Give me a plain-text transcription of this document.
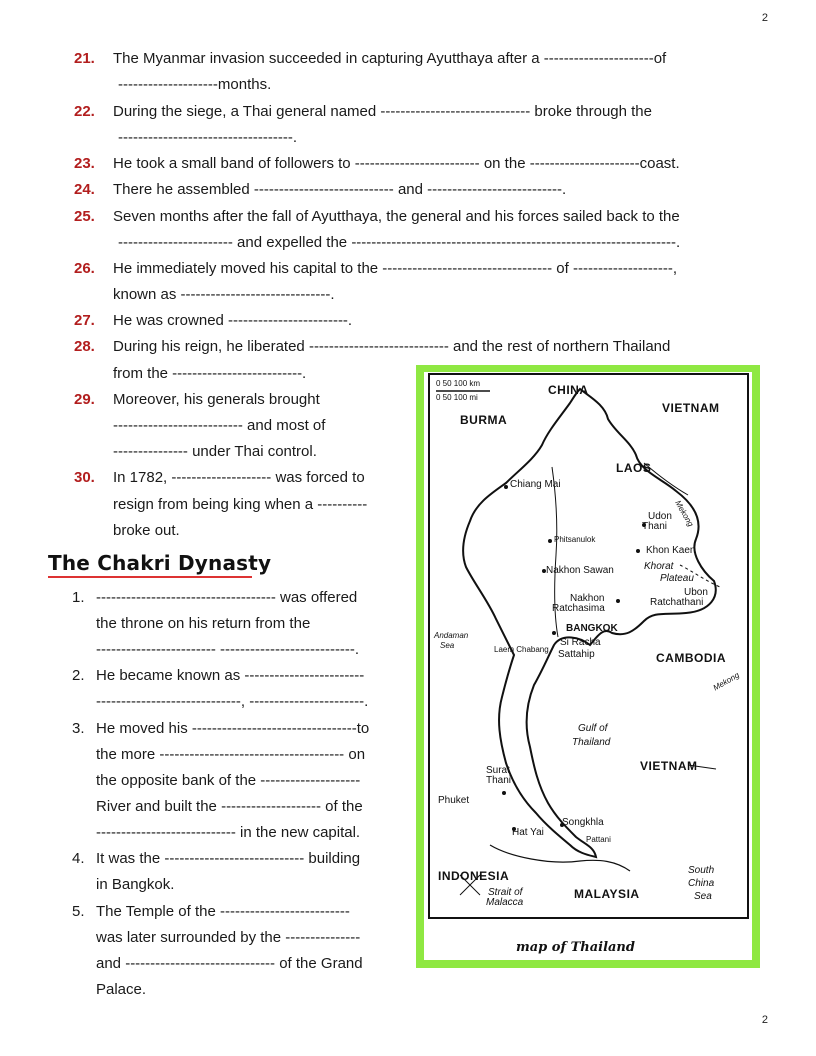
2
21.	The Myanmar invasion succeeded in capturing Ayutthaya after a ----------------------of
--------------------months.
22.	During the siege, a Thai general named ------------------------------ broke through the
-----------------------------------.
23.	He took a small band of followers to ------------------------- on the ----------------------coast.
24.	There he assembled ---------------------------- and ---------------------------.
25.	Seven months after the fall of Ayutthaya, the general and his forces sailed back to the
----------------------- and expelled the -----------------------------------------------------------------.
26.	He immediately moved his capital to the ---------------------------------- of --------------------,
known as ------------------------------.
27.	He was crowned ------------------------.
28.	During his reign, he liberated ---------------------------- and the rest of northern Thailand
from the --------------------------.
29.	Moreover, his generals brought
-------------------------- and most of
--------------- under Thai control.
30.	In 1782, -------------------- was forced to
resign from being king when a ----------
broke out.
The Chakri Dynasty
1. ------------------------------------ was offered
the throne on his return from the
------------------------ ---------------------------.
2. He became known as ------------------------
-----------------------------, -----------------------.
3. He moved his ---------------------------------to
the more ------------------------------------- on
the opposite bank of the --------------------
River and built the -------------------- of the
---------------------------- in the new capital.
4. It was the ---------------------------- building
in Bangkok.
5. The Temple of the --------------------------
was later surrounded by the ---------------
and ------------------------------ of the Grand
Palace.
0 50 100 km
0 50 100 mi
CHINA
BURMA
VIETNAM
LAOS
Chiang Mai
Mekong
Udon
Thani
Phitsanulok
Khon Kaen
Nakhon Sawan	Khorat
Plateau
Ubon
Ratchathani
Nakhon
Ratchasima
Andaman
Sea
BANGKOK
Laem Chabang
Si Racha
Sattahip	CAMBODIA
Mekong
Gulf of
Thailand
VIETNAM
Surat
Thani
Phuket
Songkhla
Hat Yai
Pattani
INDONESIA
Strait of
Malacca
MALAYSIA
South
China
Sea
map of Thailand
2
